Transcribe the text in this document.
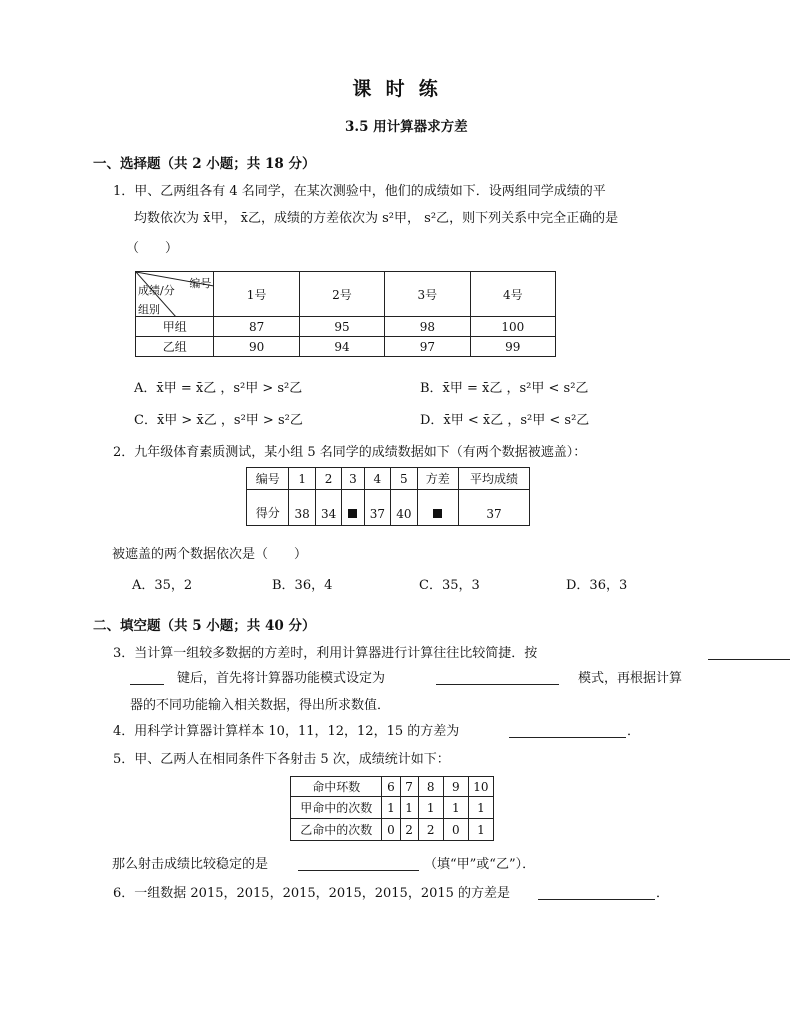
课 时 练
3.5 用计算器求方差
一、选择题（共 2 小题；共 18 分）
1．甲、乙两组各有 4 名同学，在某次测验中，他们的成绩如下．设两组同学成绩的平
均数依次为 x̄甲， x̄乙，成绩的方差依次为 s²甲， s²乙，则下列关系中完全正确的是
（　　）
编号
成绩/分
组别	1号	2号	3号	4号
甲组	87	95	98	100
乙组	90	94	97	99
A．x̄甲 = x̄乙 ，s²甲 > s²乙	B．x̄甲 = x̄乙 ，s²甲 < s²乙
C．x̄甲 > x̄乙 ，s²甲 > s²乙	D．x̄甲 < x̄乙 ，s²甲 < s²乙
2．九年级体育素质测试，某小组 5 名同学的成绩数据如下（有两个数据被遮盖）：
编号	1	2	3	4	5	方差	平均成绩
得分	38	34		37	40		37
被遮盖的两个数据依次是（　　）
A．35，2	B．36，4	C．35，3	D．36，3
二、填空题（共 5 小题；共 40 分）
3．当计算一组较多数据的方差时，利用计算器进行计算往往比较简捷．按
键后，首先将计算器功能模式设定为	模式，再根据计算
器的不同功能输入相关数据，得出所求数值．
4．用科学计算器计算样本 10，11，12，12，15 的方差为	．
5．甲、乙两人在相同条件下各射击 5 次，成绩统计如下：
命中环数	6	7	8	9	10
甲命中的次数	1	1	1	1	1
乙命中的次数	0	2	2	0	1
那么射击成绩比较稳定的是	（填“甲”或“乙”）．
6．一组数据 2015，2015，2015，2015，2015，2015 的方差是	．
